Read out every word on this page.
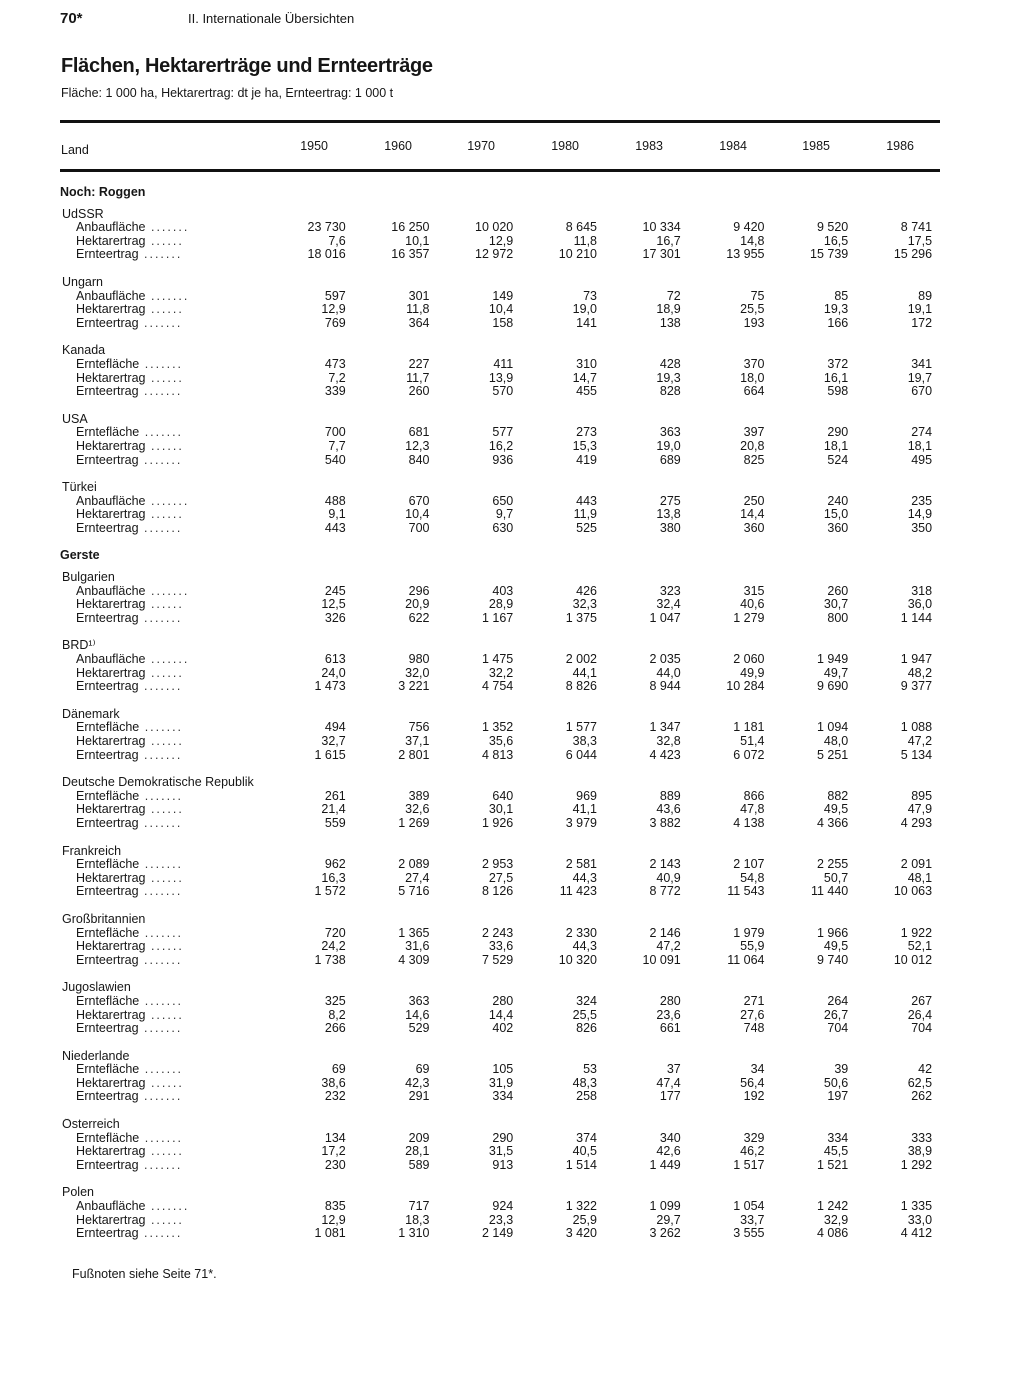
70*	II. Internationale Übersichten
Flächen, Hektarerträge und Ernteerträge
Fläche: 1 000 ha, Hektarertrag: dt je ha, Ernteertrag: 1 000 t
Land	1950	1960	1970	1980	1983	1984	1985	1986
Noch: Roggen								

UdSSR								
Anbaufläche .......	23 730	16 250	10 020	8 645	10 334	9 420	9 520	8 741
Hektarertrag ......	7,6	10,1	12,9	11,8	16,7	14,8	16,5	17,5
Ernteertrag .......	18 016	16 357	12 972	10 210	17 301	13 955	15 739	15 296

Ungarn								
Anbaufläche .......	597	301	149	73	72	75	85	89
Hektarertrag ......	12,9	11,8	10,4	19,0	18,9	25,5	19,3	19,1
Ernteertrag .......	769	364	158	141	138	193	166	172

Kanada								
Erntefläche .......	473	227	411	310	428	370	372	341
Hektarertrag ......	7,2	11,7	13,9	14,7	19,3	18,0	16,1	19,7
Ernteertrag .......	339	260	570	455	828	664	598	670

USA								
Erntefläche .......	700	681	577	273	363	397	290	274
Hektarertrag ......	7,7	12,3	16,2	15,3	19,0	20,8	18,1	18,1
Ernteertrag .......	540	840	936	419	689	825	524	495

Türkei								
Anbaufläche .......	488	670	650	443	275	250	240	235
Hektarertrag ......	9,1	10,4	9,7	11,9	13,8	14,4	15,0	14,9
Ernteertrag .......	443	700	630	525	380	360	360	350

Gerste								

Bulgarien								
Anbaufläche .......	245	296	403	426	323	315	260	318
Hektarertrag ......	12,5	20,9	28,9	32,3	32,4	40,6	30,7	36,0
Ernteertrag .......	326	622	1 167	1 375	1 047	1 279	800	1 144

BRD¹⁾								
Anbaufläche .......	613	980	1 475	2 002	2 035	2 060	1 949	1 947
Hektarertrag ......	24,0	32,0	32,2	44,1	44,0	49,9	49,7	48,2
Ernteertrag .......	1 473	3 221	4 754	8 826	8 944	10 284	9 690	9 377

Dänemark								
Erntefläche .......	494	756	1 352	1 577	1 347	1 181	1 094	1 088
Hektarertrag ......	32,7	37,1	35,6	38,3	32,8	51,4	48,0	47,2
Ernteertrag .......	1 615	2 801	4 813	6 044	4 423	6 072	5 251	5 134

Deutsche Demokratische Republik								
Erntefläche .......	261	389	640	969	889	866	882	895
Hektarertrag ......	21,4	32,6	30,1	41,1	43,6	47,8	49,5	47,9
Ernteertrag .......	559	1 269	1 926	3 979	3 882	4 138	4 366	4 293

Frankreich								
Erntefläche .......	962	2 089	2 953	2 581	2 143	2 107	2 255	2 091
Hektarertrag ......	16,3	27,4	27,5	44,3	40,9	54,8	50,7	48,1
Ernteertrag .......	1 572	5 716	8 126	11 423	8 772	11 543	11 440	10 063

Großbritannien								
Erntefläche .......	720	1 365	2 243	2 330	2 146	1 979	1 966	1 922
Hektarertrag ......	24,2	31,6	33,6	44,3	47,2	55,9	49,5	52,1
Ernteertrag .......	1 738	4 309	7 529	10 320	10 091	11 064	9 740	10 012

Jugoslawien								
Erntefläche .......	325	363	280	324	280	271	264	267
Hektarertrag ......	8,2	14,6	14,4	25,5	23,6	27,6	26,7	26,4
Ernteertrag .......	266	529	402	826	661	748	704	704

Niederlande								
Erntefläche .......	69	69	105	53	37	34	39	42
Hektarertrag ......	38,6	42,3	31,9	48,3	47,4	56,4	50,6	62,5
Ernteertrag .......	232	291	334	258	177	192	197	262

Österreich								
Erntefläche .......	134	209	290	374	340	329	334	333
Hektarertrag ......	17,2	28,1	31,5	40,5	42,6	46,2	45,5	38,9
Ernteertrag .......	230	589	913	1 514	1 449	1 517	1 521	1 292

Polen								
Anbaufläche .......	835	717	924	1 322	1 099	1 054	1 242	1 335
Hektarertrag ......	12,9	18,3	23,3	25,9	29,7	33,7	32,9	33,0
Ernteertrag .......	1 081	1 310	2 149	3 420	3 262	3 555	4 086	4 412
Fußnoten siehe Seite 71*.
